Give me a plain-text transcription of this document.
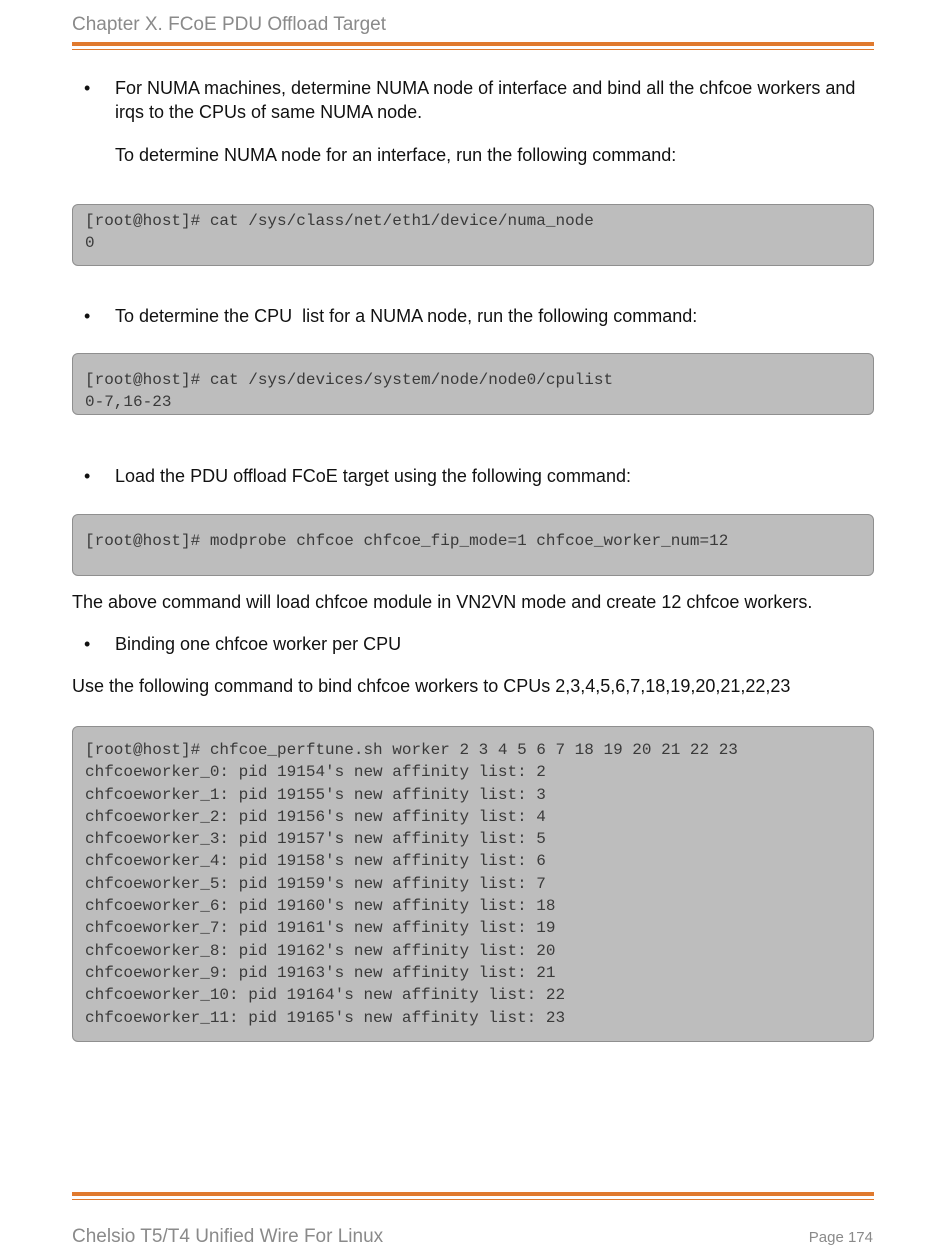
Chapter X. FCoE PDU Offload Target
• For NUMA machines, determine NUMA node of interface and bind all the chfcoe workers and irqs to the CPUs of same NUMA node.
To determine NUMA node for an interface, run the following command:
[root@host]# cat /sys/class/net/eth1/device/numa_node
0
• To determine the CPU  list for a NUMA node, run the following command:
[root@host]# cat /sys/devices/system/node/node0/cpulist
0-7,16-23
• Load the PDU offload FCoE target using the following command:
[root@host]# modprobe chfcoe chfcoe_fip_mode=1 chfcoe_worker_num=12
The above command will load chfcoe module in VN2VN mode and create 12 chfcoe workers.
• Binding one chfcoe worker per CPU
Use the following command to bind chfcoe workers to CPUs 2,3,4,5,6,7,18,19,20,21,22,23
[root@host]# chfcoe_perftune.sh worker 2 3 4 5 6 7 18 19 20 21 22 23
chfcoeworker_0: pid 19154's new affinity list: 2
chfcoeworker_1: pid 19155's new affinity list: 3
chfcoeworker_2: pid 19156's new affinity list: 4
chfcoeworker_3: pid 19157's new affinity list: 5
chfcoeworker_4: pid 19158's new affinity list: 6
chfcoeworker_5: pid 19159's new affinity list: 7
chfcoeworker_6: pid 19160's new affinity list: 18
chfcoeworker_7: pid 19161's new affinity list: 19
chfcoeworker_8: pid 19162's new affinity list: 20
chfcoeworker_9: pid 19163's new affinity list: 21
chfcoeworker_10: pid 19164's new affinity list: 22
chfcoeworker_11: pid 19165's new affinity list: 23
Chelsio T5/T4 Unified Wire For Linux	Page 174
